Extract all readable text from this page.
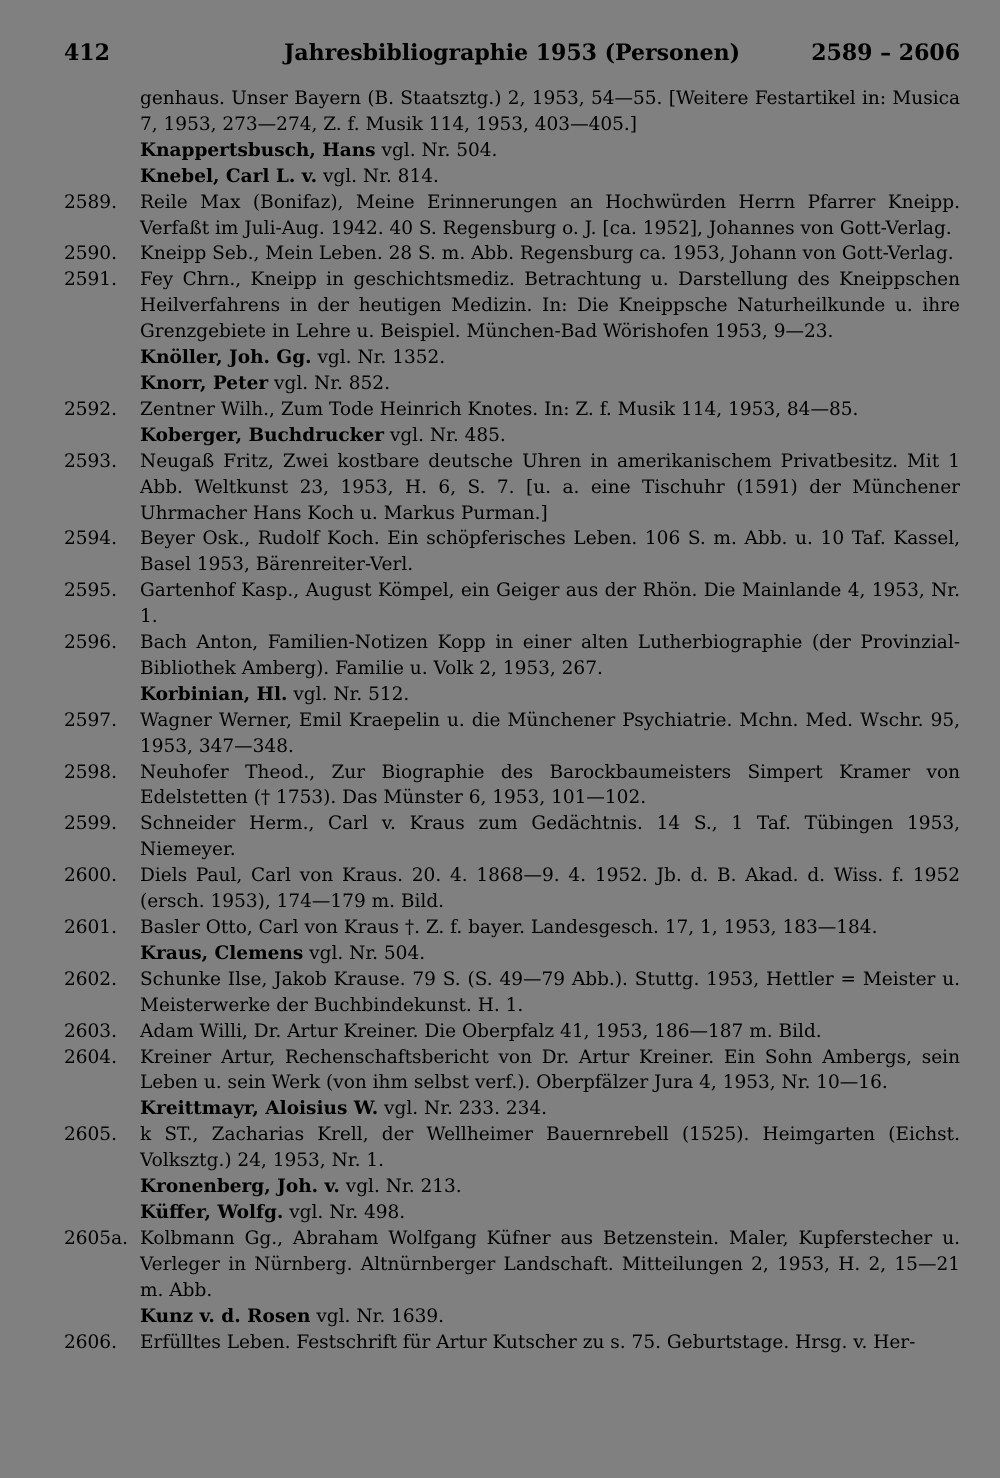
412	Jahresbibliographie 1953 (Personen)	2589 – 2606
genhaus. Unser Bayern (B. Staatsztg.) 2, 1953, 54—55. [Weitere Festartikel in: Musica 7, 1953, 273—274, Z. f. Musik 114, 1953, 403—405.]
Knappertsbusch, Hans vgl. Nr. 504.
Knebel, Carl L. v. vgl. Nr. 814.
2589.	Reile Max (Bonifaz), Meine Erinnerungen an Hochwürden Herrn Pfarrer Kneipp. Verfaßt im Juli-Aug. 1942. 40 S. Regensburg o. J. [ca. 1952], Johannes von Gott-Verlag.
2590.	Kneipp Seb., Mein Leben. 28 S. m. Abb. Regensburg ca. 1953, Johann von Gott-Verlag.
2591.	Fey Chrn., Kneipp in geschichtsmediz. Betrachtung u. Darstellung des Kneippschen Heilverfahrens in der heutigen Medizin. In: Die Kneippsche Naturheilkunde u. ihre Grenzgebiete in Lehre u. Beispiel. München-Bad Wörishofen 1953, 9—23.
Knöller, Joh. Gg. vgl. Nr. 1352.
Knorr, Peter vgl. Nr. 852.
2592.	Zentner Wilh., Zum Tode Heinrich Knotes. In: Z. f. Musik 114, 1953, 84—85.
Koberger, Buchdrucker vgl. Nr. 485.
2593.	Neugaß Fritz, Zwei kostbare deutsche Uhren in amerikanischem Privatbesitz. Mit 1 Abb. Weltkunst 23, 1953, H. 6, S. 7. [u. a. eine Tischuhr (1591) der Münchener Uhrmacher Hans Koch u. Markus Purman.]
2594.	Beyer Osk., Rudolf Koch. Ein schöpferisches Leben. 106 S. m. Abb. u. 10 Taf. Kassel, Basel 1953, Bärenreiter-Verl.
2595.	Gartenhof Kasp., August Kömpel, ein Geiger aus der Rhön. Die Mainlande 4, 1953, Nr. 1.
2596.	Bach Anton, Familien-Notizen Kopp in einer alten Lutherbiographie (der Provinzial-Bibliothek Amberg). Familie u. Volk 2, 1953, 267.
Korbinian, Hl. vgl. Nr. 512.
2597.	Wagner Werner, Emil Kraepelin u. die Münchener Psychiatrie. Mchn. Med. Wschr. 95, 1953, 347—348.
2598.	Neuhofer Theod., Zur Biographie des Barockbaumeisters Simpert Kramer von Edelstetten († 1753). Das Münster 6, 1953, 101—102.
2599.	Schneider Herm., Carl v. Kraus zum Gedächtnis. 14 S., 1 Taf. Tübingen 1953, Niemeyer.
2600.	Diels Paul, Carl von Kraus. 20. 4. 1868—9. 4. 1952. Jb. d. B. Akad. d. Wiss. f. 1952 (ersch. 1953), 174—179 m. Bild.
2601.	Basler Otto, Carl von Kraus †. Z. f. bayer. Landesgesch. 17, 1, 1953, 183—184.
Kraus, Clemens vgl. Nr. 504.
2602.	Schunke Ilse, Jakob Krause. 79 S. (S. 49—79 Abb.). Stuttg. 1953, Hettler = Meister u. Meisterwerke der Buchbindekunst. H. 1.
2603.	Adam Willi, Dr. Artur Kreiner. Die Oberpfalz 41, 1953, 186—187 m. Bild.
2604.	Kreiner Artur, Rechenschaftsbericht von Dr. Artur Kreiner. Ein Sohn Ambergs, sein Leben u. sein Werk (von ihm selbst verf.). Oberpfälzer Jura 4, 1953, Nr. 10—16.
Kreittmayr, Aloisius W. vgl. Nr. 233. 234.
2605.	k ST., Zacharias Krell, der Wellheimer Bauernrebell (1525). Heimgarten (Eichst. Volksztg.) 24, 1953, Nr. 1.
Kronenberg, Joh. v. vgl. Nr. 213.
Küffer, Wolfg. vgl. Nr. 498.
2605a. Kolbmann Gg., Abraham Wolfgang Küfner aus Betzenstein. Maler, Kupferstecher u. Verleger in Nürnberg. Altnürnberger Landschaft. Mitteilungen 2, 1953, H. 2, 15—21 m. Abb.
Kunz v. d. Rosen vgl. Nr. 1639.
2606.	Erfülltes Leben. Festschrift für Artur Kutscher zu s. 75. Geburtstage. Hrsg. v. Her-
